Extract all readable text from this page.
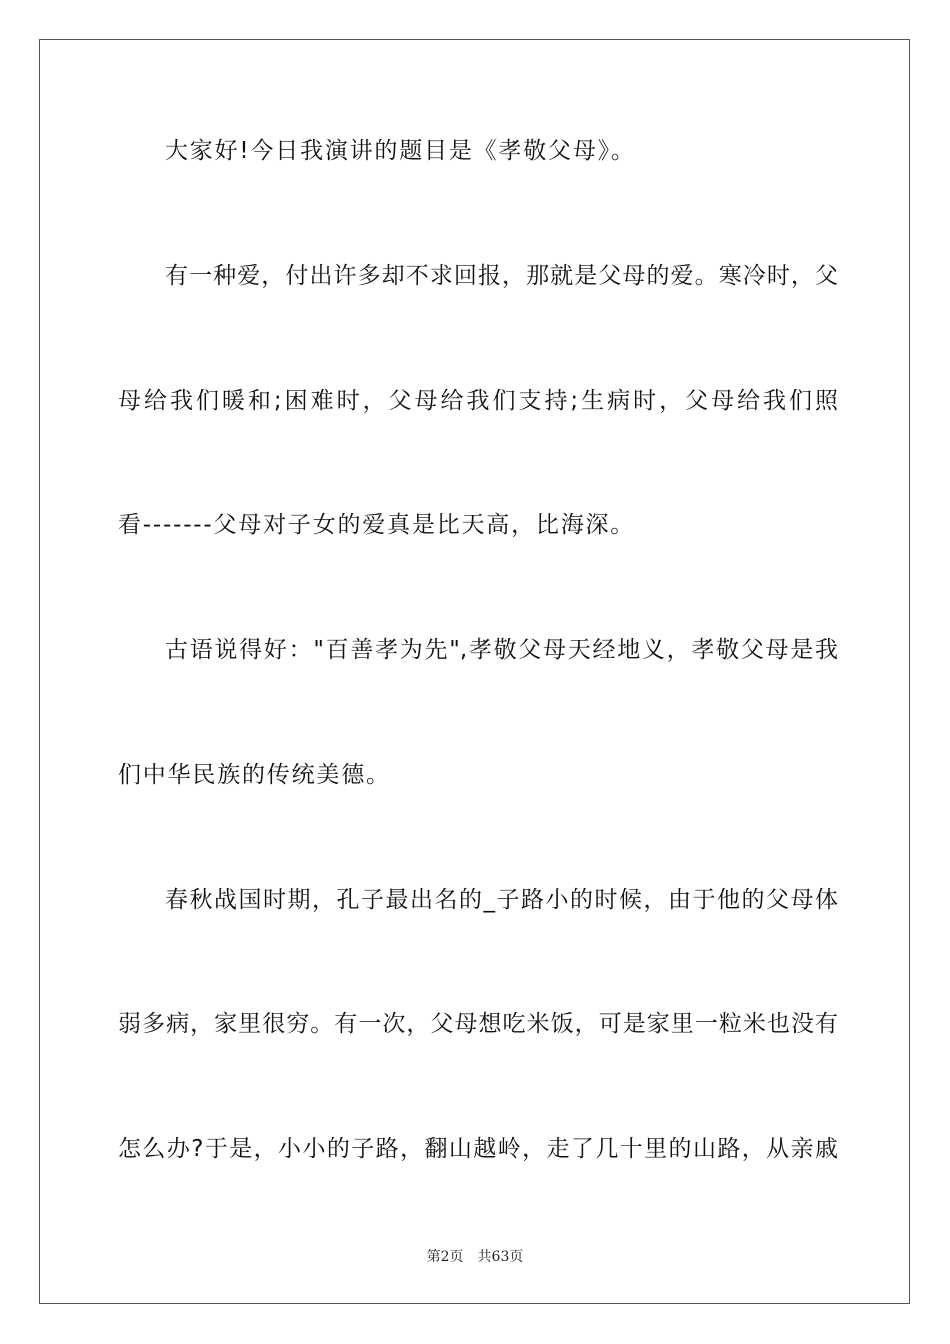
大家好!今日我演讲的题目是《孝敬父母》。
有一种爱，付出许多却不求回报，那就是父母的爱。寒冷时，父
母给我们暖和;困难时，父母给我们支持;生病时，父母给我们照
看-------父母对子女的爱真是比天高，比海深。
古语说得好："百善孝为先",孝敬父母天经地义，孝敬父母是我
们中华民族的传统美德。
春秋战国时期，孔子最出名的_子路小的时候，由于他的父母体
弱多病，家里很穷。有一次，父母想吃米饭，可是家里一粒米也没有
怎么办?于是，小小的子路，翻山越岭，走了几十里的山路，从亲戚
第2页 共63页
